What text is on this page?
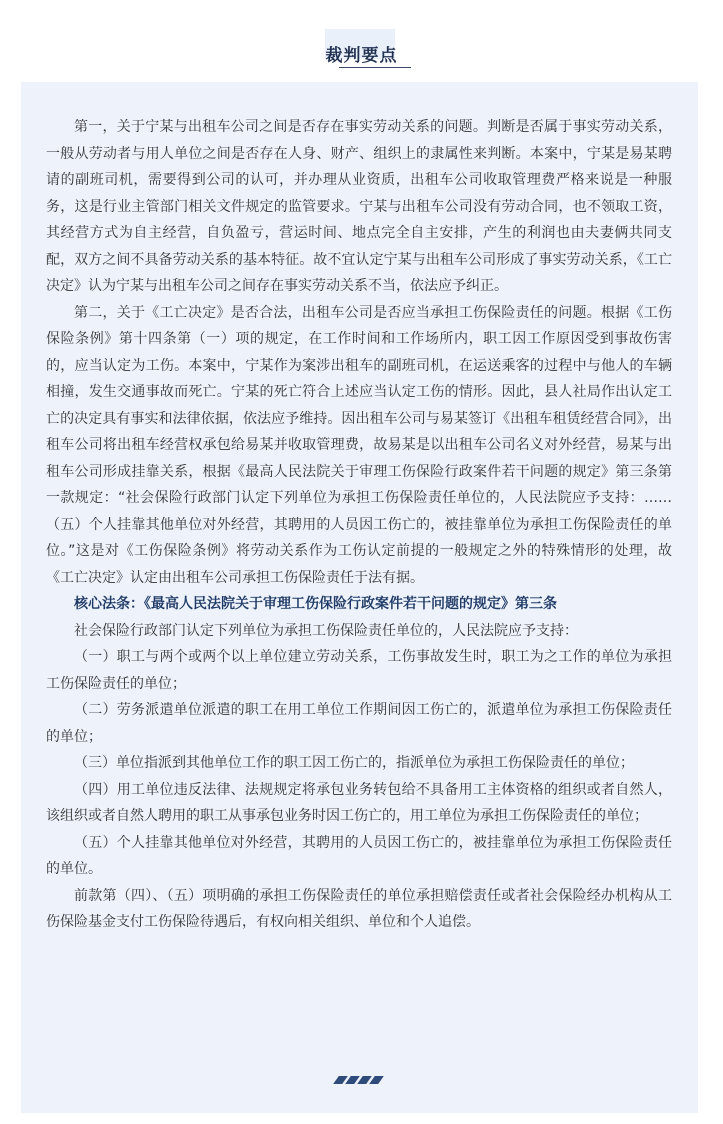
裁判要点

第一，关于宁某与出租车公司之间是否存在事实劳动关系的问题。判断是否属于事实劳动关系，一般从劳动者与用人单位之间是否存在人身、财产、组织上的隶属性来判断。本案中，宁某是易某聘请的副班司机，需要得到公司的认可，并办理从业资质，出租车公司收取管理费严格来说是一种服务，这是行业主管部门相关文件规定的监管要求。宁某与出租车公司没有劳动合同，也不领取工资，其经营方式为自主经营，自负盈亏，营运时间、地点完全自主安排，产生的利润也由夫妻俩共同支配，双方之间不具备劳动关系的基本特征。故不宜认定宁某与出租车公司形成了事实劳动关系，《工亡决定》认为宁某与出租车公司之间存在事实劳动关系不当，依法应予纠正。

第二，关于《工亡决定》是否合法，出租车公司是否应当承担工伤保险责任的问题。根据《工伤保险条例》第十四条第（一）项的规定，在工作时间和工作场所内，职工因工作原因受到事故伤害的，应当认定为工伤。本案中，宁某作为案涉出租车的副班司机，在运送乘客的过程中与他人的车辆相撞，发生交通事故而死亡。宁某的死亡符合上述应当认定工伤的情形。因此，县人社局作出认定工亡的决定具有事实和法律依据，依法应予维持。因出租车公司与易某签订《出租车租赁经营合同》，出租车公司将出租车经营权承包给易某并收取管理费，故易某是以出租车公司名义对外经营，易某与出租车公司形成挂靠关系，根据《最高人民法院关于审理工伤保险行政案件若干问题的规定》第三条第一款规定：“社会保险行政部门认定下列单位为承担工伤保险责任单位的，人民法院应予支持：……（五）个人挂靠其他单位对外经营，其聘用的人员因工伤亡的，被挂靠单位为承担工伤保险责任的单位。”这是对《工伤保险条例》将劳动关系作为工伤认定前提的一般规定之外的特殊情形的处理，故《工亡决定》认定由出租车公司承担工伤保险责任于法有据。

核心法条：《最高人民法院关于审理工伤保险行政案件若干问题的规定》第三条

社会保险行政部门认定下列单位为承担工伤保险责任单位的，人民法院应予支持：

（一）职工与两个或两个以上单位建立劳动关系，工伤事故发生时，职工为之工作的单位为承担工伤保险责任的单位；

（二）劳务派遣单位派遣的职工在用工单位工作期间因工伤亡的，派遣单位为承担工伤保险责任的单位；

（三）单位指派到其他单位工作的职工因工伤亡的，指派单位为承担工伤保险责任的单位；

（四）用工单位违反法律、法规规定将承包业务转包给不具备用工主体资格的组织或者自然人，该组织或者自然人聘用的职工从事承包业务时因工伤亡的，用工单位为承担工伤保险责任的单位；

（五）个人挂靠其他单位对外经营，其聘用的人员因工伤亡的，被挂靠单位为承担工伤保险责任的单位。

前款第（四）、（五）项明确的承担工伤保险责任的单位承担赔偿责任或者社会保险经办机构从工伤保险基金支付工伤保险待遇后，有权向相关组织、单位和个人追偿。
